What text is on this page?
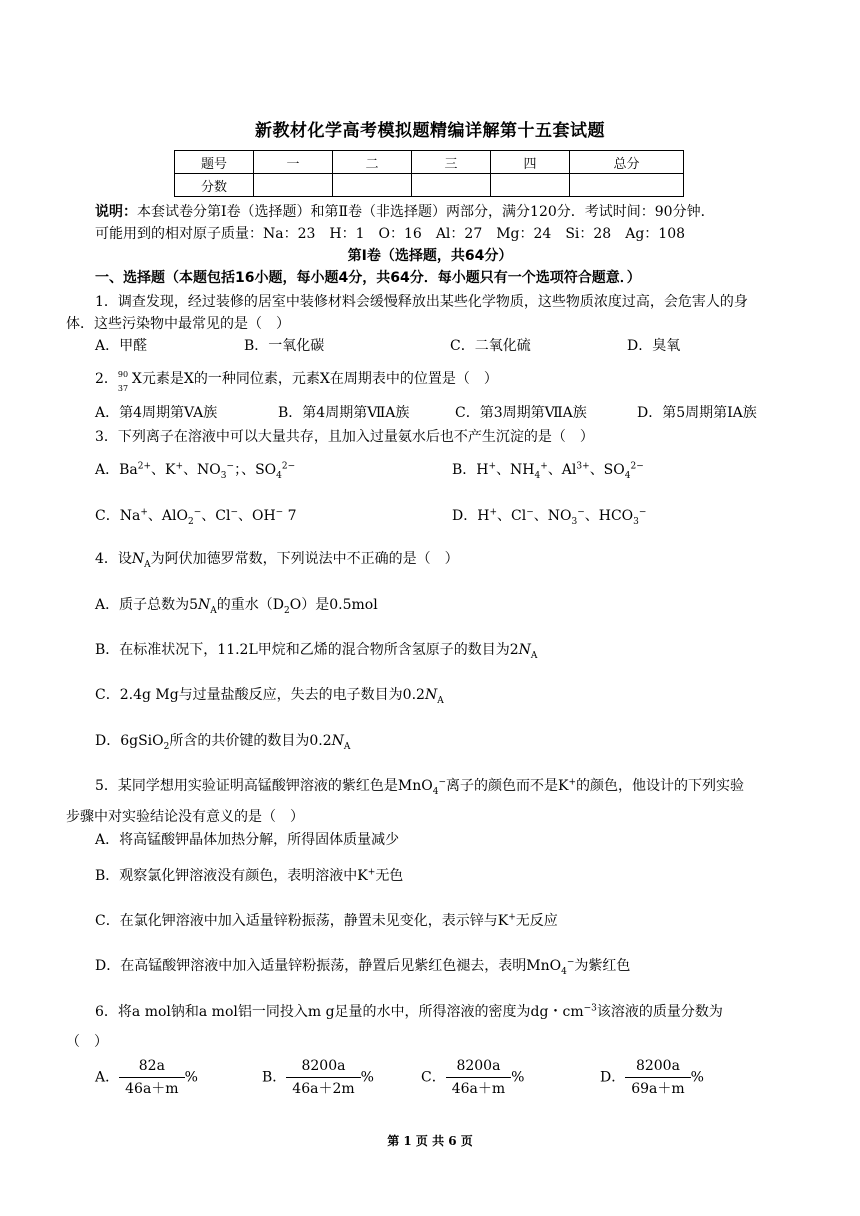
新教材化学高考模拟题精编详解第十五套试题
题号	一	二	三	四	总分
分数					
说明：本套试卷分第Ⅰ卷（选择题）和第Ⅱ卷（非选择题）两部分，满分120分．考试时间：90分钟．
可能用到的相对原子质量：Na：23　H：1　O：16　Al：27　Mg：24　Si：28　Ag：108
第Ⅰ卷（选择题，共64分）
一、选择题（本题包括16小题，每小题4分，共64分．每小题只有一个选项符合题意．）
1．调查发现，经过装修的居室中装修材料会缓慢释放出某些化学物质，这些物质浓度过高，会危害人的身
体．这些污染物中最常见的是（　）
A．甲醛	B．一氧化碳	C．二氧化硫	D．臭氧
2． 90
37
X元素是X的一种同位素，元素X在周期表中的位置是（　）
A．第4周期第VA族	B．第4周期第ⅦA族	C．第3周期第ⅦA族	D．第5周期第ⅠA族
3．下列离子在溶液中可以大量共存，且加入过量氨水后也不产生沉淀的是（　）
A．$Ba^{2+}$、K+、$NO_3^-$；、$SO_4^{2-}$	B．H+、$NH_4^+$、$Al^{3+}$、$SO_4^{2-}$
C．Na+、AlO$_2$−、Cl−、OH− 7	D．H+、Cl−、$NO_3^-$、$HCO_3^-$
4．设$N_A$为阿伏加德罗常数，下列说法中不正确的是（　）
A．质子总数为$5N_A$的重水$(D_2O)$是0.5mol
B．在标准状况下，11.2L甲烷和乙烯的混合物所含氢原子的数目为$2N_A$
C．2.4g Mg与过量盐酸反应，失去的电子数目为$0.2N_A$
D．6gSiO$_2$所含的共价键的数目为$0.2N_A$
5．某同学想用实验证明高锰酸钾溶液的紫红色是MnO$_4$−离子的颜色而不是K+的颜色，他设计的下列实验
步骤中对实验结论没有意义的是（　）
A．将高锰酸钾晶体加热分解，所得固体质量减少
B．观察氯化钾溶液没有颜色，表明溶液中K+无色
C．在氯化钾溶液中加入适量锌粉振荡，静置未见变化，表示锌与K+无反应
D．在高锰酸钾溶液中加入适量锌粉振荡，静置后见紫红色褪去，表明MnO$_4$−为紫红色
6．将a mol钠和a mol铝一同投入m g足量的水中，所得溶液的密度为dg・$cm^{-3}$该溶液的质量分数为
（　）
A． $\frac{82a}{46a+m}$ %	B． $\frac{8200a}{46a+2m}$ %	C． $\frac{8200a}{46a+m}$ %	D． $\frac{8200a}{69a+m}$ %
第 1 页 共 6 页
